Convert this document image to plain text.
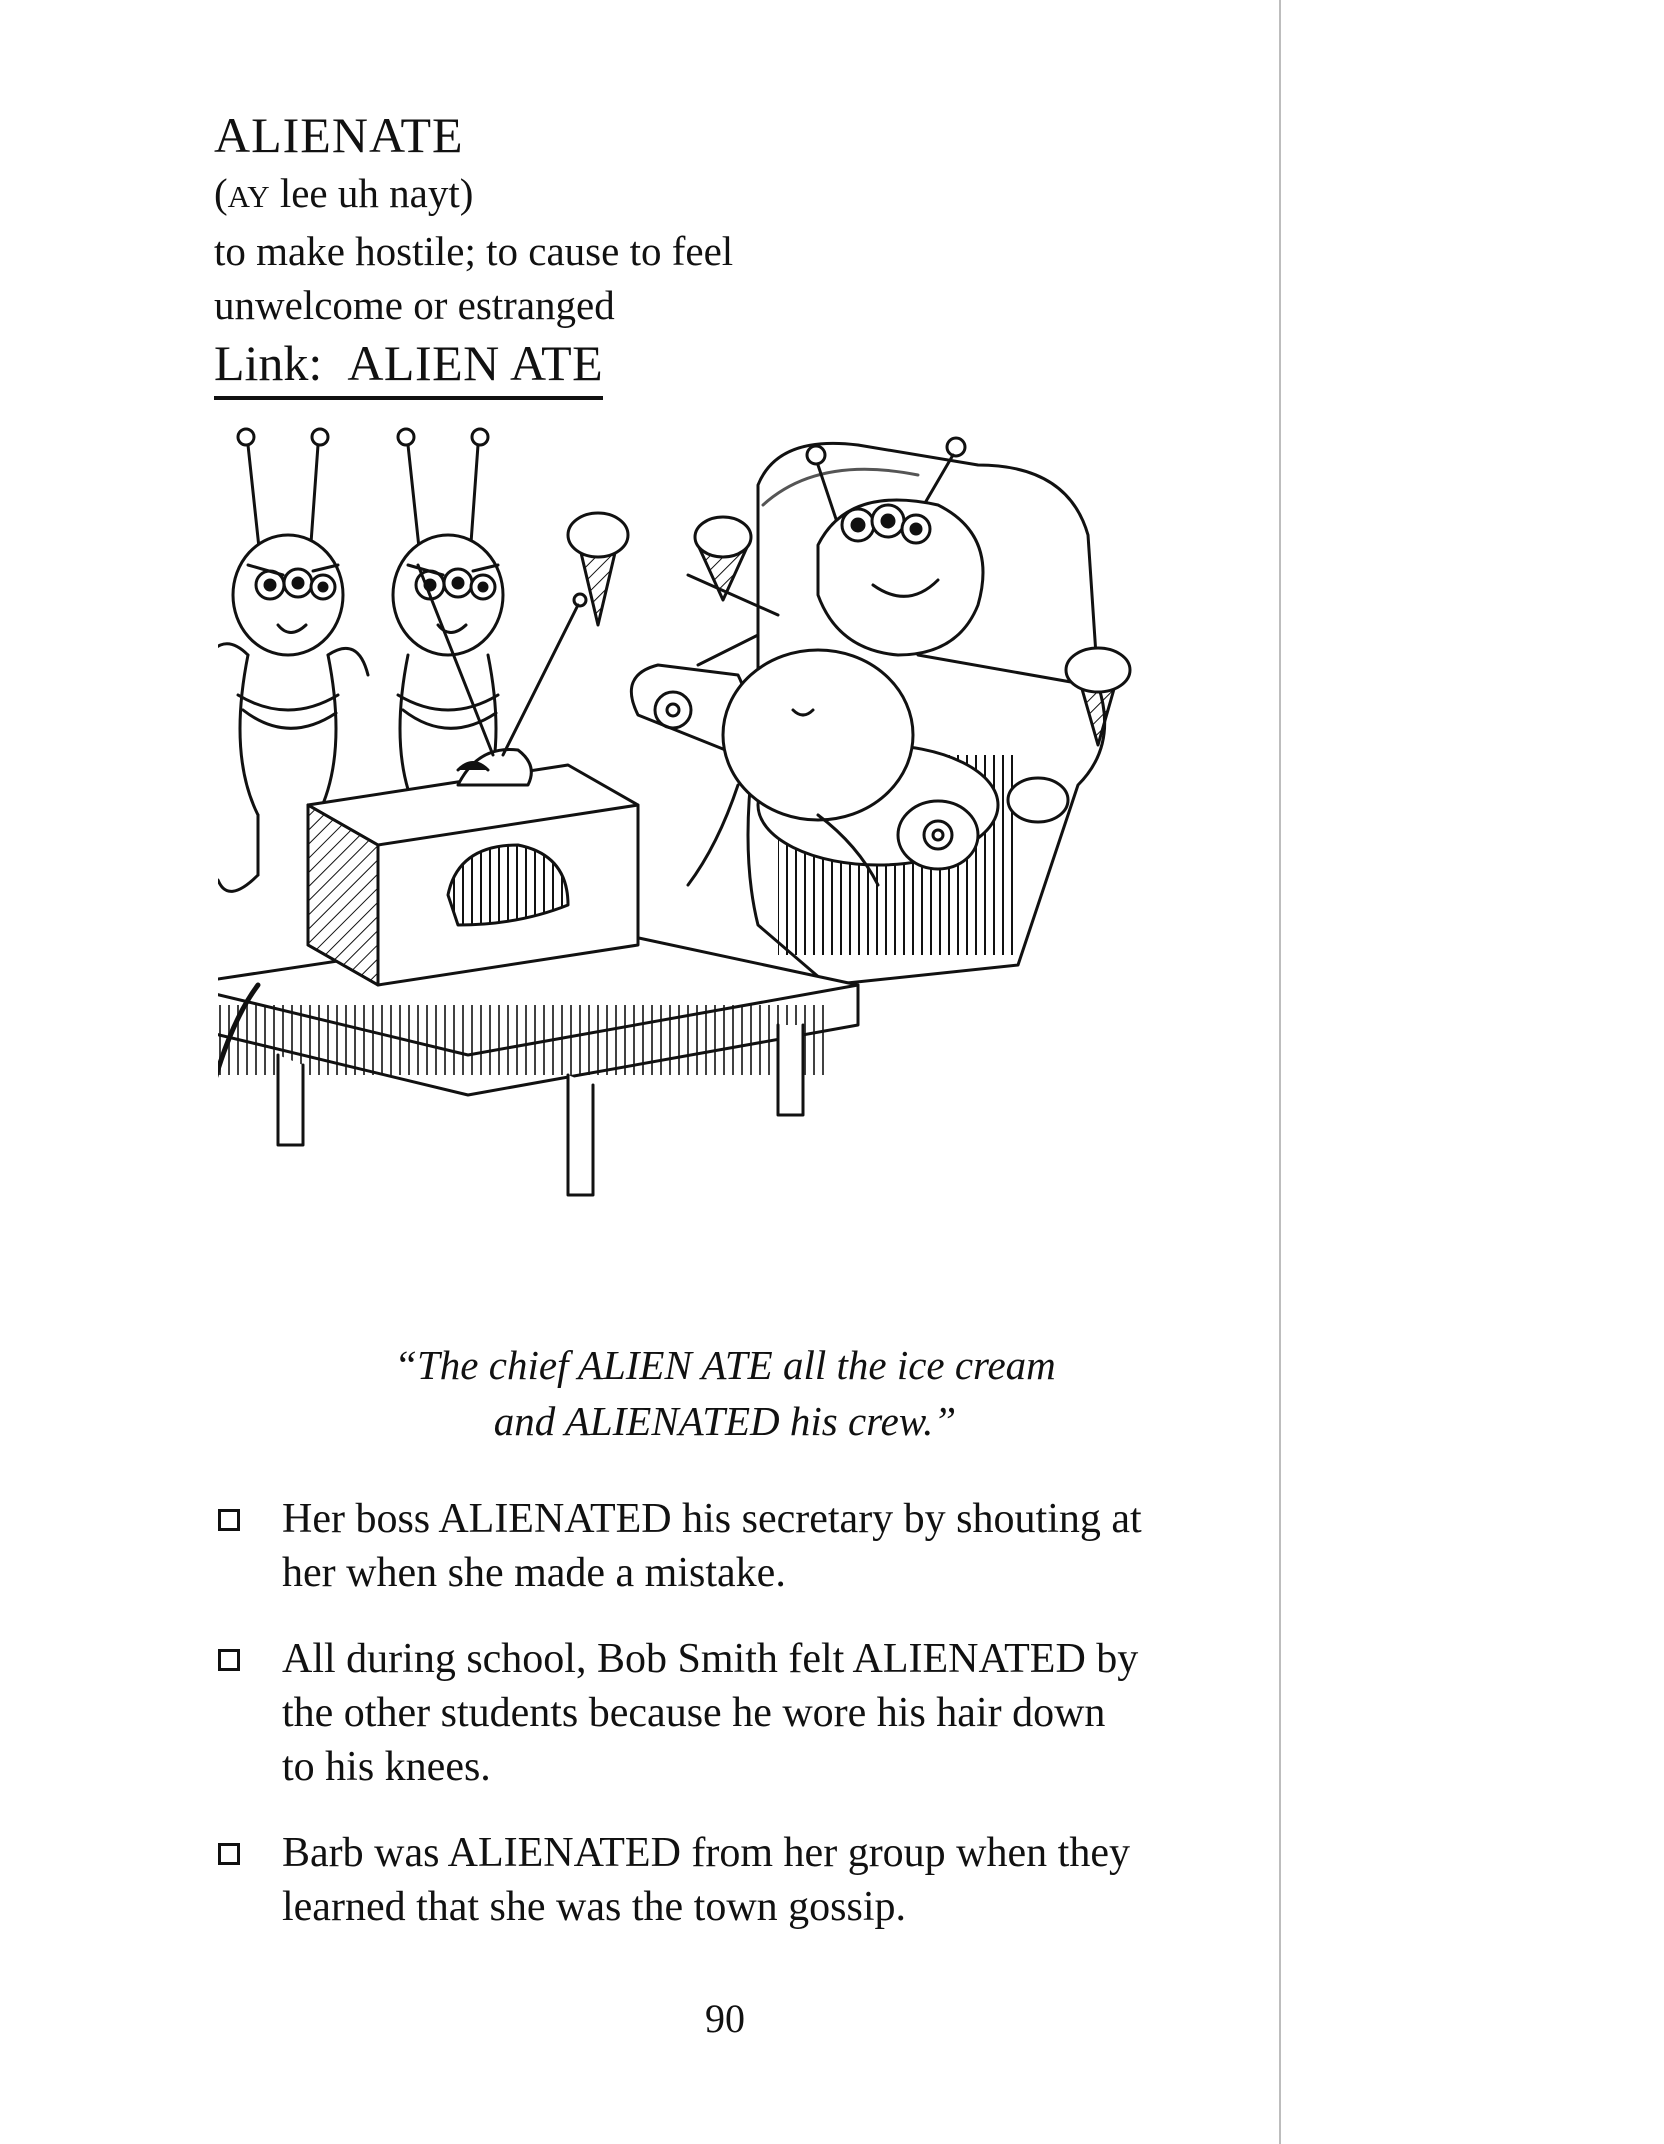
ALIENATE

(AY lee uh nayt)

to make hostile; to cause to feel

unwelcome or estranged

Link: ALIEN ATE
“The chief ALIEN ATE all the ice cream
and ALIENATED his crew.”
Her boss ALIENATED his secretary by shouting at
her when she made a mistake.
All during school, Bob Smith felt ALIENATED by
the other students because he wore his hair down
to his knees.
Barb was ALIENATED from her group when they
learned that she was the town gossip.
90
